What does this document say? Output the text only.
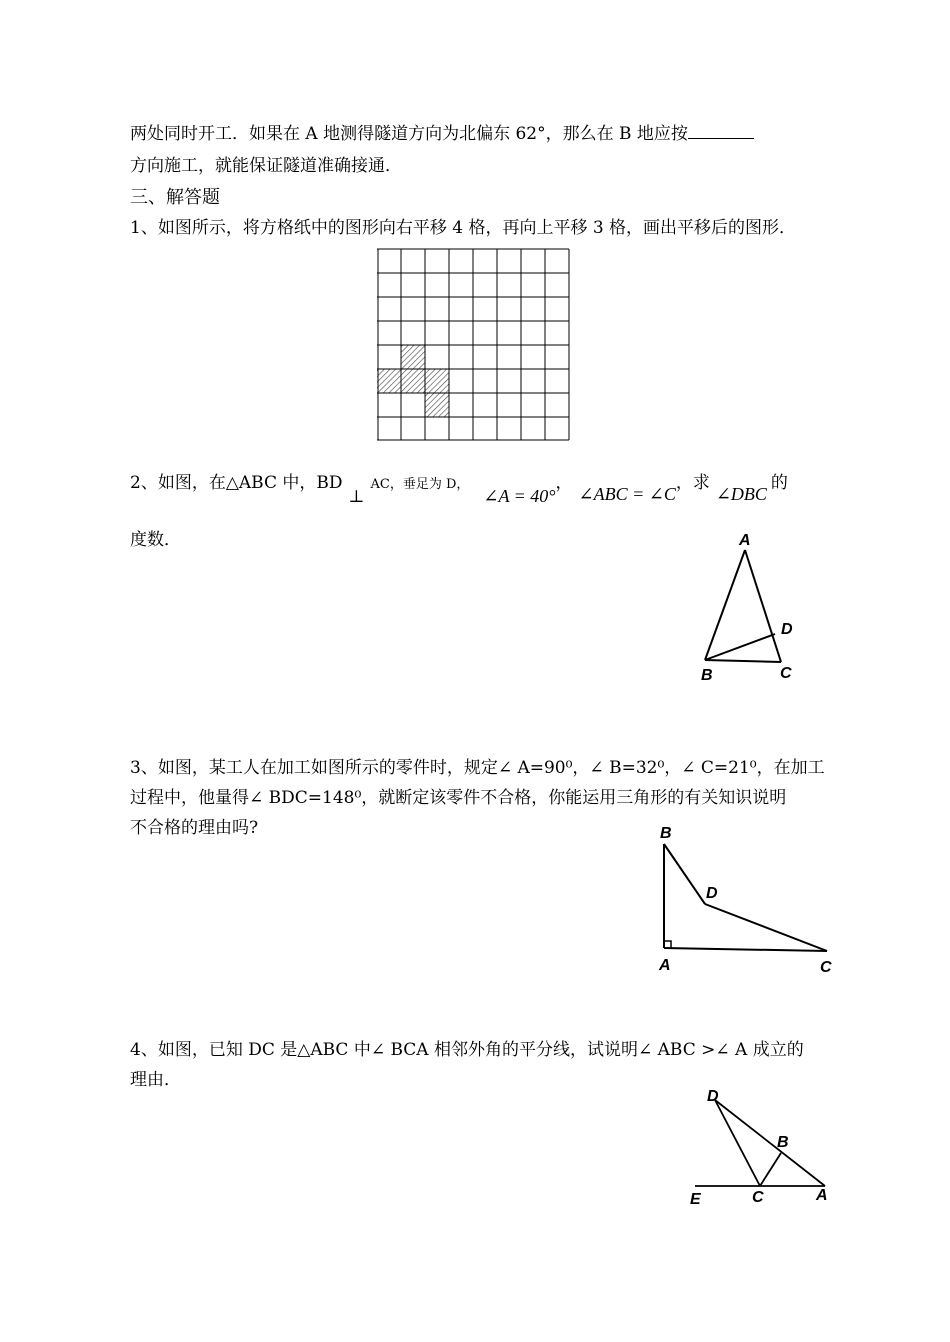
两处同时开工．如果在 A 地测得隧道方向为北偏东 62°，那么在 B 地应按
方向施工，就能保证隧道准确接通．
三、解答题
1、如图所示，将方格纸中的图形向右平移 4 格，再向上平移 3 格，画出平移后的图形．
2、如图，在△ABC 中，BD⊥AC，垂足为 D，∠A = 40°，∠ABC = ∠C，求∠DBC的
度数．	A
D
B	C
3、如图，某工人在加工如图所示的零件时，规定∠ A=90⁰，∠ B=32⁰，∠ C=21⁰，在加工
过程中，他量得∠ BDC=148⁰，就断定该零件不合格，你能运用三角形的有关知识说明
不合格的理由吗?	B
D
A	C
4、如图，已知 DC 是△ABC 中∠ BCA 相邻外角的平分线，试说明∠ ABC >∠ A 成立的
理由．
D
B
E	C	A
